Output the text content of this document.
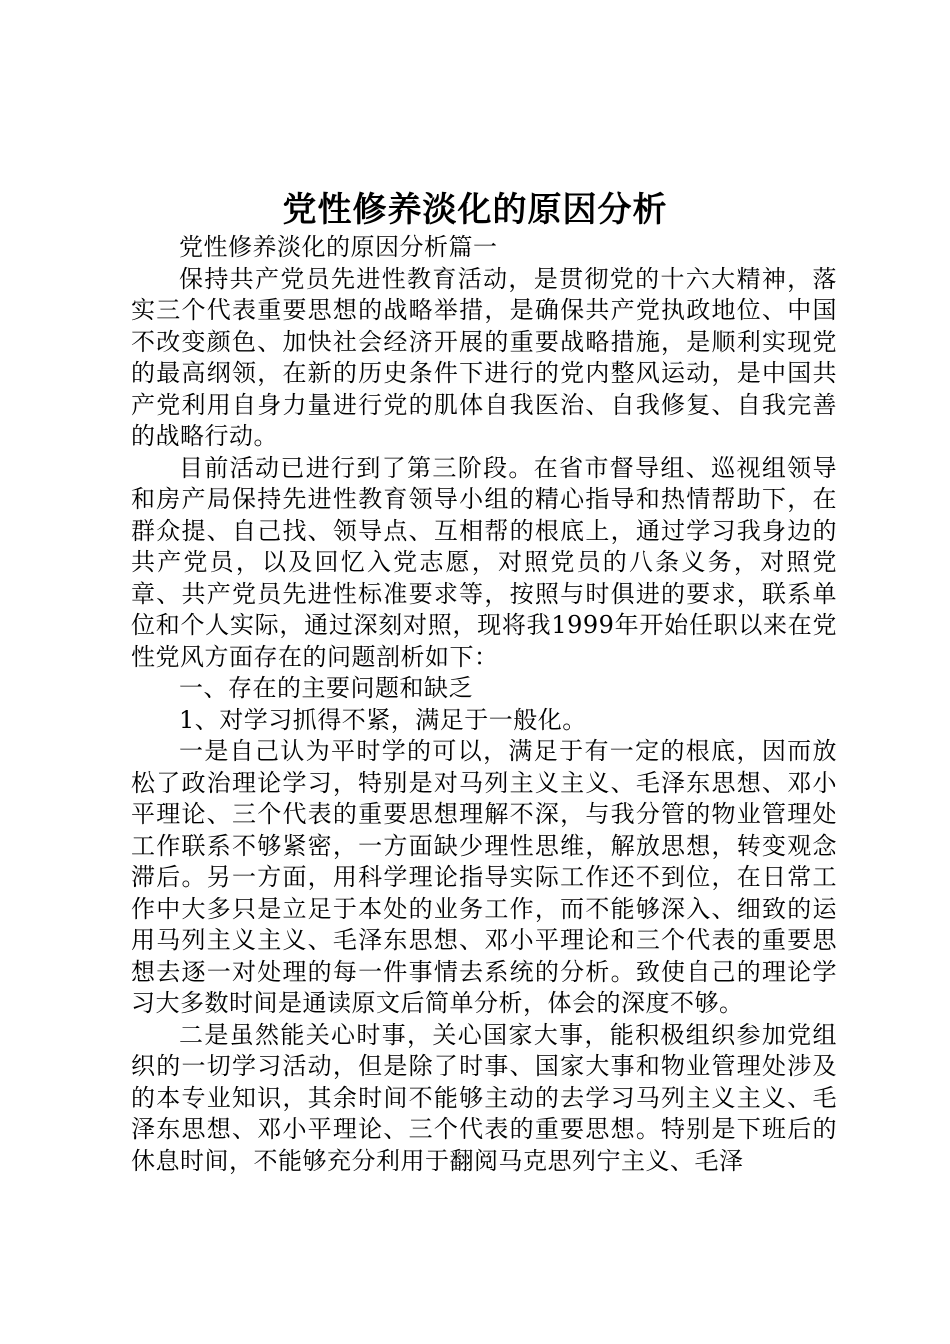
党性修养淡化的原因分析

党性修养淡化的原因分析篇一

保持共产党员先进性教育活动，是贯彻党的十六大精神，落实三个代表重要思想的战略举措，是确保共产党执政地位、中国不改变颜色、加快社会经济开展的重要战略措施，是顺利实现党的最高纲领，在新的历史条件下进行的党内整风运动，是中国共产党利用自身力量进行党的肌体自我医治、自我修复、自我完善的战略行动。

目前活动已进行到了第三阶段。在省市督导组、巡视组领导和房产局保持先进性教育领导小组的精心指导和热情帮助下，在群众提、自己找、领导点、互相帮的根底上，通过学习我身边的共产党员，以及回忆入党志愿，对照党员的八条义务，对照党章、共产党员先进性标准要求等，按照与时俱进的要求，联系单位和个人实际，通过深刻对照，现将我1999年开始任职以来在党性党风方面存在的问题剖析如下：

一、存在的主要问题和缺乏

1、对学习抓得不紧，满足于一般化。

一是自己认为平时学的可以，满足于有一定的根底，因而放松了政治理论学习，特别是对马列主义主义、毛泽东思想、邓小平理论、三个代表的重要思想理解不深，与我分管的物业管理处工作联系不够紧密，一方面缺少理性思维，解放思想，转变观念滞后。另一方面，用科学理论指导实际工作还不到位，在日常工作中大多只是立足于本处的业务工作，而不能够深入、细致的运用马列主义主义、毛泽东思想、邓小平理论和三个代表的重要思想去逐一对处理的每一件事情去系统的分析。致使自己的理论学习大多数时间是通读原文后简单分析，体会的深度不够。

二是虽然能关心时事，关心国家大事，能积极组织参加党组织的一切学习活动，但是除了时事、国家大事和物业管理处涉及的本专业知识，其余时间不能够主动的去学习马列主义主义、毛泽东思想、邓小平理论、三个代表的重要思想。特别是下班后的休息时间，不能够充分利用于翻阅马克思列宁主义、毛泽
